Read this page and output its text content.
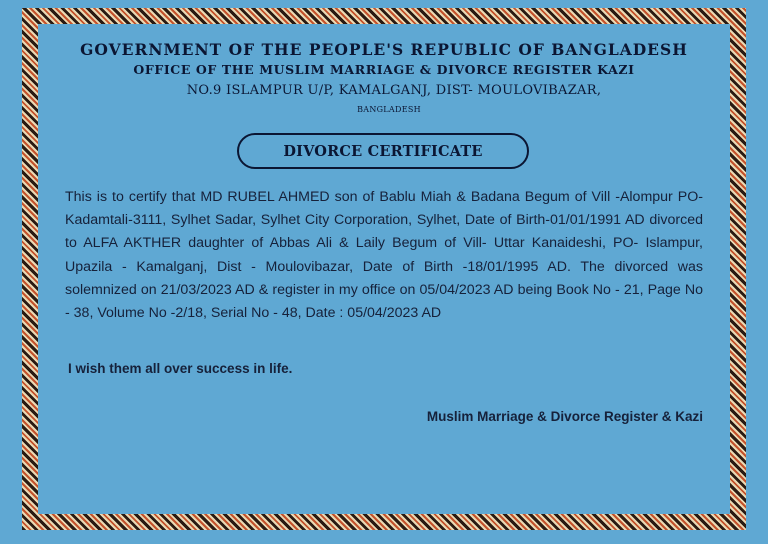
GOVERNMENT OF THE PEOPLE'S REPUBLIC OF BANGLADESH
OFFICE OF THE MUSLIM MARRIAGE & DIVORCE REGISTER KAZI
NO.9 ISLAMPUR U/P, KAMALGANJ, DIST- MOULOVIBAZAR,
BANGLADESH
DIVORCE CERTIFICATE
This is to certify that MD RUBEL AHMED son of Bablu Miah & Badana Begum of Vill -Alompur PO- Kadamtali-3111, Sylhet Sadar, Sylhet City Corporation, Sylhet, Date of Birth-01/01/1991 AD divorced to ALFA AKTHER daughter of Abbas Ali & Laily Begum of Vill- Uttar Kanaideshi, PO- Islampur, Upazila - Kamalganj, Dist - Moulovibazar, Date of Birth -18/01/1995 AD. The divorced was solemnized on 21/03/2023 AD & register in my office on 05/04/2023 AD being Book No - 21, Page No - 38, Volume No -2/18, Serial No - 48, Date : 05/04/2023 AD
I wish them all over success in life.
Muslim Marriage & Divorce Register & Kazi
